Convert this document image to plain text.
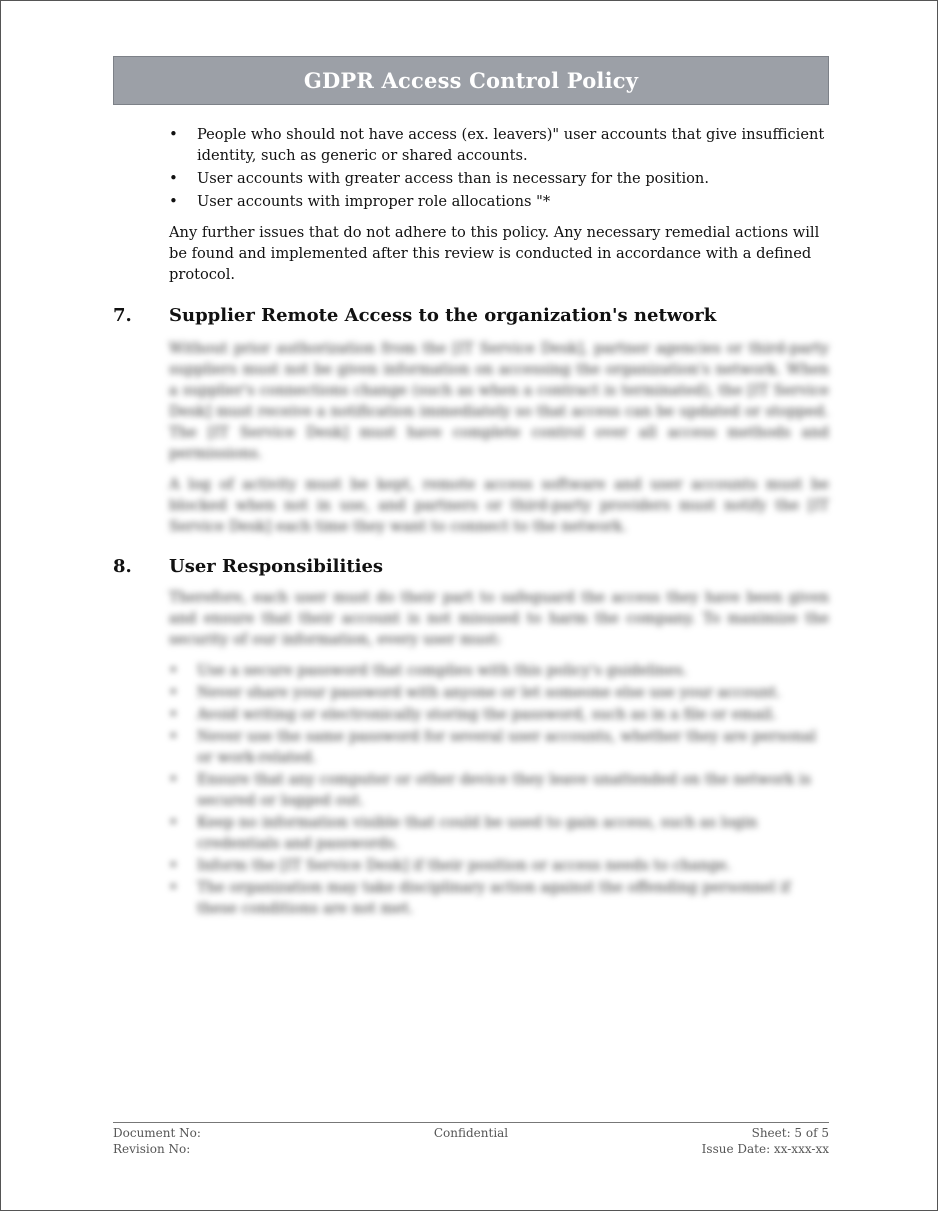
GDPR Access Control Policy
• People who should not have access (ex. leavers)" user accounts that give insufficient identity, such as generic or shared accounts.
• User accounts with greater access than is necessary for the position.
• User accounts with improper role allocations "*

Any further issues that do not adhere to this policy. Any necessary remedial actions will be found and implemented after this review is conducted in accordance with a defined protocol.

7.	Supplier Remote Access to the organization's network

Without prior authorization from the [IT Service Desk], partner agencies or third-party suppliers must not be given information on accessing the organization's network. When a supplier's connections change (such as when a contract is terminated), the [IT Service Desk] must receive a notification immediately so that access can be updated or stopped. The [IT Service Desk] must have complete control over all access methods and permissions.

A log of activity must be kept, remote access software and user accounts must be blocked when not in use, and partners or third-party providers must notify the [IT Service Desk] each time they want to connect to the network.

8.	User Responsibilities

Therefore, each user must do their part to safeguard the access they have been given and ensure that their account is not misused to harm the company. To maximize the security of our information, every user must:

• Use a secure password that complies with this policy's guidelines.
• Never share your password with anyone or let someone else use your account.
• Avoid writing or electronically storing the password, such as in a file or email.
• Never use the same password for several user accounts, whether they are personal or work-related.
• Ensure that any computer or other device they leave unattended on the network is secured or logged out.
• Keep no information visible that could be used to gain access, such as login credentials and passwords.
• Inform the [IT Service Desk] if their position or access needs to change.
• The organization may take disciplinary action against the offending personnel if these conditions are not met.
Document No:	Confidential	Sheet: 5 of 5
Revision No:	Issue Date: xx-xxx-xx
